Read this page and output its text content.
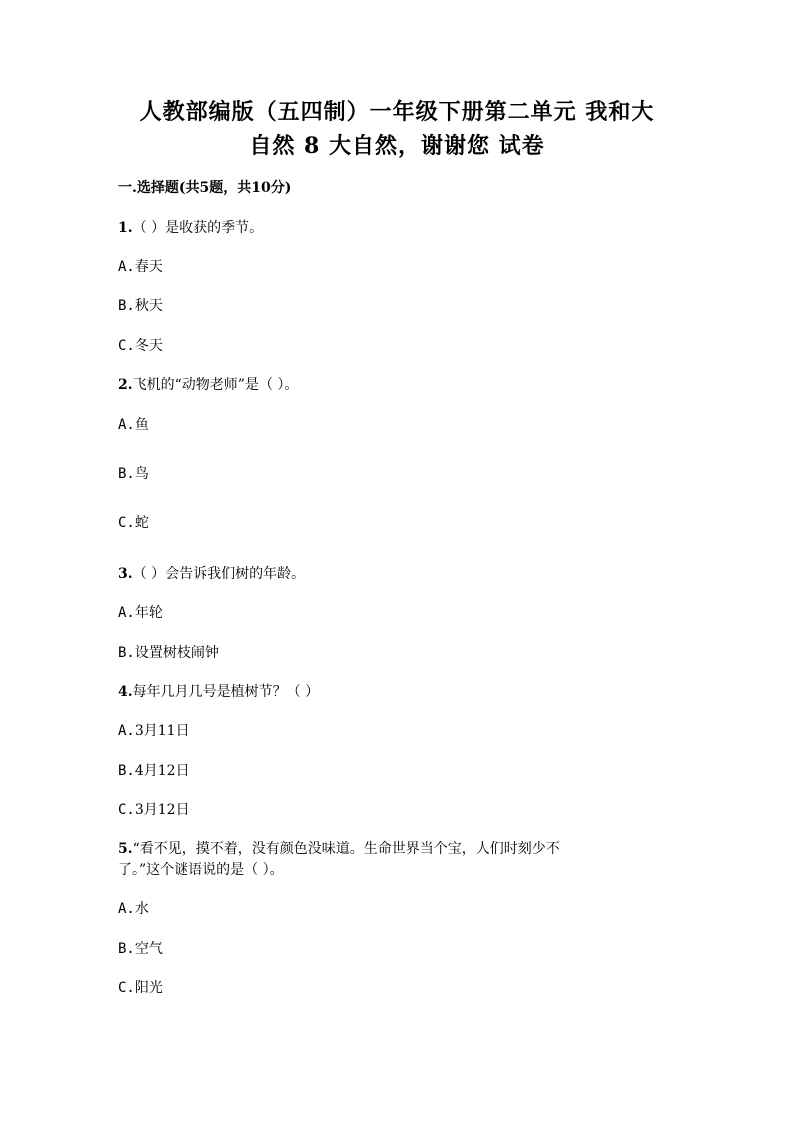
人教部编版（五四制）一年级下册第二单元 我和大
自然 8 大自然，谢谢您 试卷
一.选择题(共5题，共10分)
1.（ ）是收获的季节。
A.春天
B.秋天
C.冬天
2.飞机的“动物老师”是（ ）。
A.鱼
B.鸟
C.蛇
3.（ ）会告诉我们树的年龄。
A.年轮
B.设置树枝闹钟
4.每年几月几号是植树节？（ ）
A.3月11日
B.4月12日
C.3月12日
5.“看不见，摸不着，没有颜色没味道。生命世界当个宝，人们时刻少不
了。”这个谜语说的是（ ）。
A.水
B.空气
C.阳光
